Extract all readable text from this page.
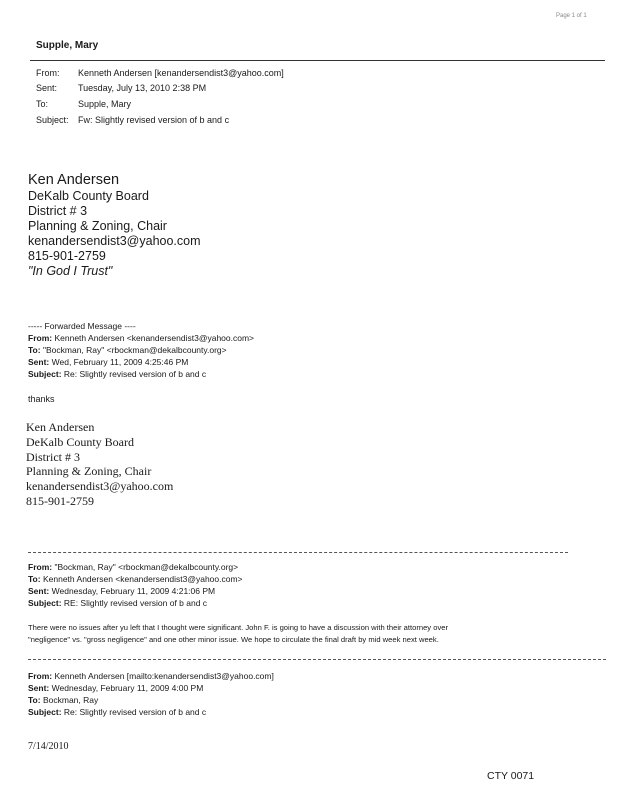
Page 1 of 1
Supple, Mary
From: Kenneth Andersen [kenandersendist3@yahoo.com]
Sent: Tuesday, July 13, 2010 2:38 PM
To:	Supple, Mary
Subject: Fw: Slightly revised version of b and c
Ken Andersen
DeKalb County Board
District # 3
Planning & Zoning, Chair
kenandersendist3@yahoo.com
815-901-2759
"In God I Trust"
----- Forwarded Message ----
From: Kenneth Andersen <kenandersendist3@yahoo.com>
To: "Bockman, Ray" <rbockman@dekalbcounty.org>
Sent: Wed, February 11, 2009 4:25:46 PM
Subject: Re: Slightly revised version of b and c
thanks
Ken Andersen
DeKalb County Board
District # 3
Planning & Zoning, Chair
kenandersendist3@yahoo.com
815-901-2759
From: "Bockman, Ray" <rbockman@dekalbcounty.org>
To: Kenneth Andersen <kenandersendist3@yahoo.com>
Sent: Wednesday, February 11, 2009 4:21:06 PM
Subject: RE: Slightly revised version of b and c
There were no issues after yu left that I thought were significant. John F. is going to have a discussion with their attorney over
"negligence" vs. "gross negligence" and one other minor issue. We hope to circulate the final draft by mid week next week.
From: Kenneth Andersen [mailto:kenandersendist3@yahoo.com]
Sent: Wednesday, February 11, 2009 4:00 PM
To: Bockman, Ray
Subject: Re: Slightly revised version of b and c
7/14/2010
CTY 0071
